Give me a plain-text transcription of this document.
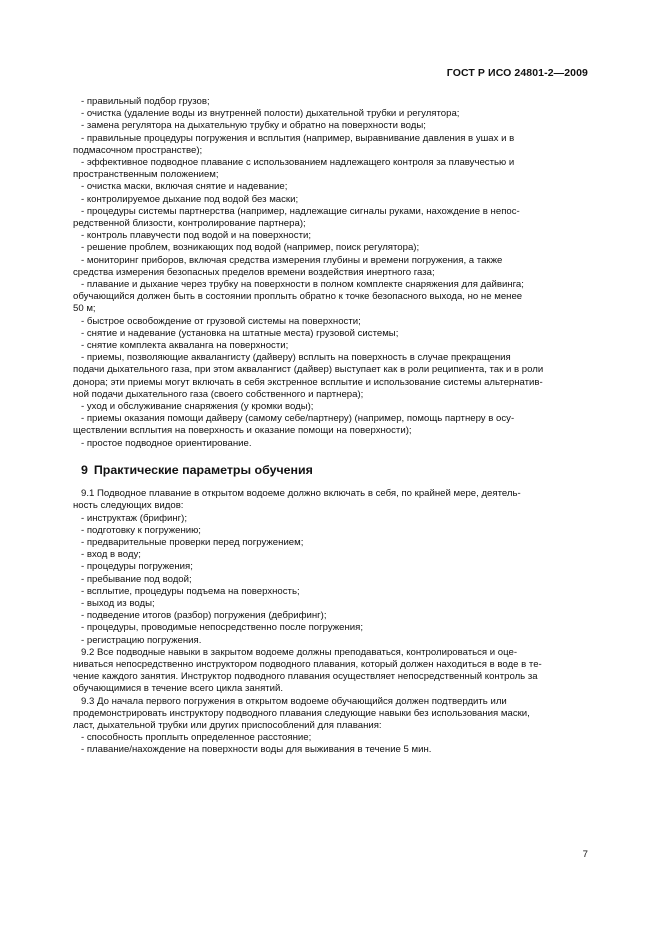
ГОСТ Р ИСО 24801-2—2009
- правильный подбор грузов;
- очистка (удаление воды из внутренней полости) дыхательной трубки и регулятора;
- замена регулятора на дыхательную трубку и обратно на поверхности воды;
- правильные процедуры погружения и всплытия (например, выравнивание давления в ушах и в
подмасочном пространстве);
- эффективное подводное плавание с использованием надлежащего контроля за плавучестью и
пространственным положением;
- очистка маски, включая снятие и надевание;
- контролируемое дыхание под водой без маски;
- процедуры системы партнерства (например, надлежащие сигналы руками, нахождение в непос-
редственной близости, контролирование партнера);
- контроль плавучести под водой и на поверхности;
- решение проблем, возникающих под водой (например, поиск регулятора);
- мониторинг приборов, включая средства измерения глубины и времени погружения, а также
средства измерения безопасных пределов времени воздействия инертного газа;
- плавание и дыхание через трубку на поверхности в полном комплекте снаряжения для дайвинга;
обучающийся должен быть в состоянии проплыть обратно к точке безопасного выхода, но не менее
50 м;
- быстрое освобождение от грузовой системы на поверхности;
- снятие и надевание (установка на штатные места) грузовой системы;
- снятие комплекта акваланга на поверхности;
- приемы, позволяющие аквалангисту (дайверу) всплыть на поверхность в случае прекращения
подачи дыхательного газа, при этом аквалангист (дайвер) выступает как в роли реципиента, так и в роли
донора; эти приемы могут включать в себя экстренное всплытие и использование системы альтернатив-
ной подачи дыхательного газа (своего собственного и партнера);
- уход и обслуживание снаряжения (у кромки воды);
- приемы оказания помощи дайверу (самому себе/партнеру) (например, помощь партнеру в осу-
ществлении всплытия на поверхность и оказание помощи на поверхности);
- простое подводное ориентирование.
9 Практические параметры обучения
9.1 Подводное плавание в открытом водоеме должно включать в себя, по крайней мере, деятель-
ность следующих видов:
- инструктаж (брифинг);
- подготовку к погружению;
- предварительные проверки перед погружением;
- вход в воду;
- процедуры погружения;
- пребывание под водой;
- всплытие, процедуры подъема на поверхность;
- выход из воды;
- подведение итогов (разбор) погружения (дебрифинг);
- процедуры, проводимые непосредственно после погружения;
- регистрацию погружения.
9.2 Все подводные навыки в закрытом водоеме должны преподаваться, контролироваться и оце-
ниваться непосредственно инструктором подводного плавания, который должен находиться в воде в те-
чение каждого занятия. Инструктор подводного плавания осуществляет непосредственный контроль за
обучающимися в течение всего цикла занятий.
9.3 До начала первого погружения в открытом водоеме обучающийся должен подтвердить или
продемонстрировать инструктору подводного плавания следующие навыки без использования маски,
ласт, дыхательной трубки или других приспособлений для плавания:
- способность проплыть определенное расстояние;
- плавание/нахождение на поверхности воды для выживания в течение 5 мин.
7
